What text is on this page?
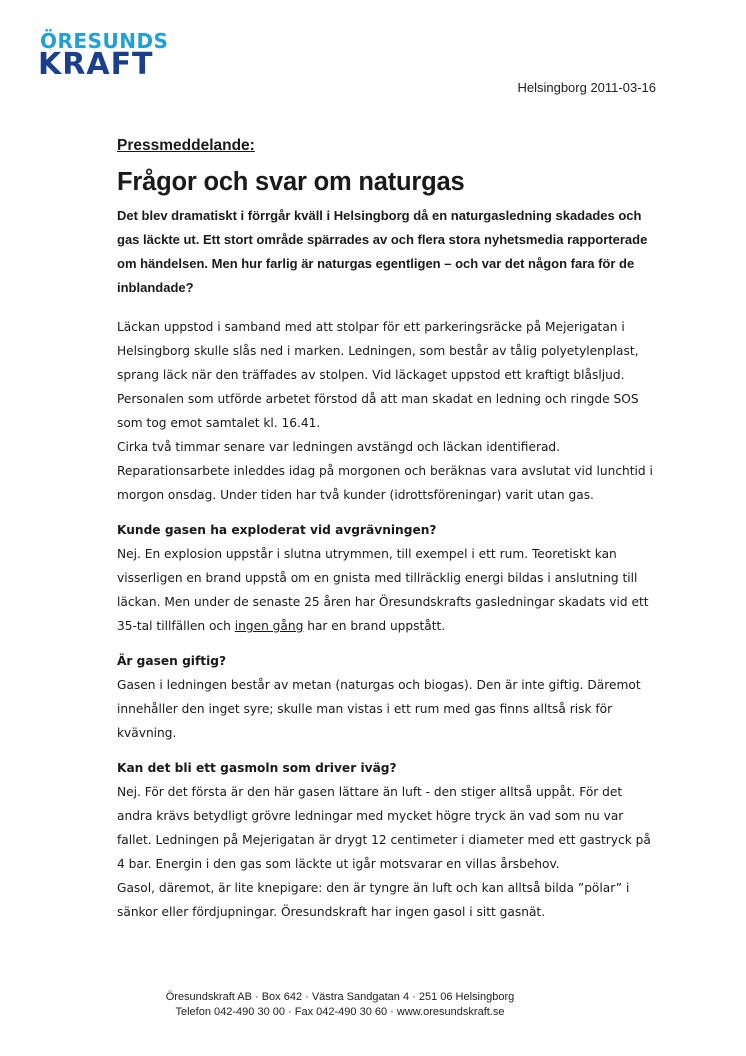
ÖRESUNDS
KRAFT
Helsingborg 2011-03-16

Pressmeddelande:

Frågor och svar om naturgas

Det blev dramatiskt i förrgår kväll i Helsingborg då en naturgasledning skadades och gas läckte ut. Ett stort område spärrades av och flera stora nyhetsmedia rapporterade om händelsen. Men hur farlig är naturgas egentligen – och var det någon fara för de inblandade?

Läckan uppstod i samband med att stolpar för ett parkeringsräcke på Mejerigatan i Helsingborg skulle slås ned i marken. Ledningen, som består av tålig polyetylenplast, sprang läck när den träffades av stolpen. Vid läckaget uppstod ett kraftigt blåsljud. Personalen som utförde arbetet förstod då att man skadat en ledning och ringde SOS som tog emot samtalet kl. 16.41.

Cirka två timmar senare var ledningen avstängd och läckan identifierad. Reparationsarbete inleddes idag på morgonen och beräknas vara avslutat vid lunchtid i morgon onsdag. Under tiden har två kunder (idrottsföreningar) varit utan gas.

Kunde gasen ha exploderat vid avgrävningen?

Nej. En explosion uppstår i slutna utrymmen, till exempel i ett rum. Teoretiskt kan visserligen en brand uppstå om en gnista med tillräcklig energi bildas i anslutning till läckan. Men under de senaste 25 åren har Öresundskrafts gasledningar skadats vid ett 35-tal tillfällen och ingen gång har en brand uppstått.

Är gasen giftig?

Gasen i ledningen består av metan (naturgas och biogas). Den är inte giftig. Däremot innehåller den inget syre; skulle man vistas i ett rum med gas finns alltså risk för kvävning.

Kan det bli ett gasmoln som driver iväg?

Nej. För det första är den här gasen lättare än luft - den stiger alltså uppåt. För det andra krävs betydligt grövre ledningar med mycket högre tryck än vad som nu var fallet. Ledningen på Mejerigatan är drygt 12 centimeter i diameter med ett gastryck på 4 bar. Energin i den gas som läckte ut igår motsvarar en villas årsbehov.

Gasol, däremot, är lite knepigare: den är tyngre än luft och kan alltså bilda ”pölar” i sänkor eller fördjupningar. Öresundskraft har ingen gasol i sitt gasnät.

Öresundskraft AB · Box 642 · Västra Sandgatan 4 · 251 06 Helsingborg
Telefon 042-490 30 00 · Fax 042-490 30 60 · www.oresundskraft.se
